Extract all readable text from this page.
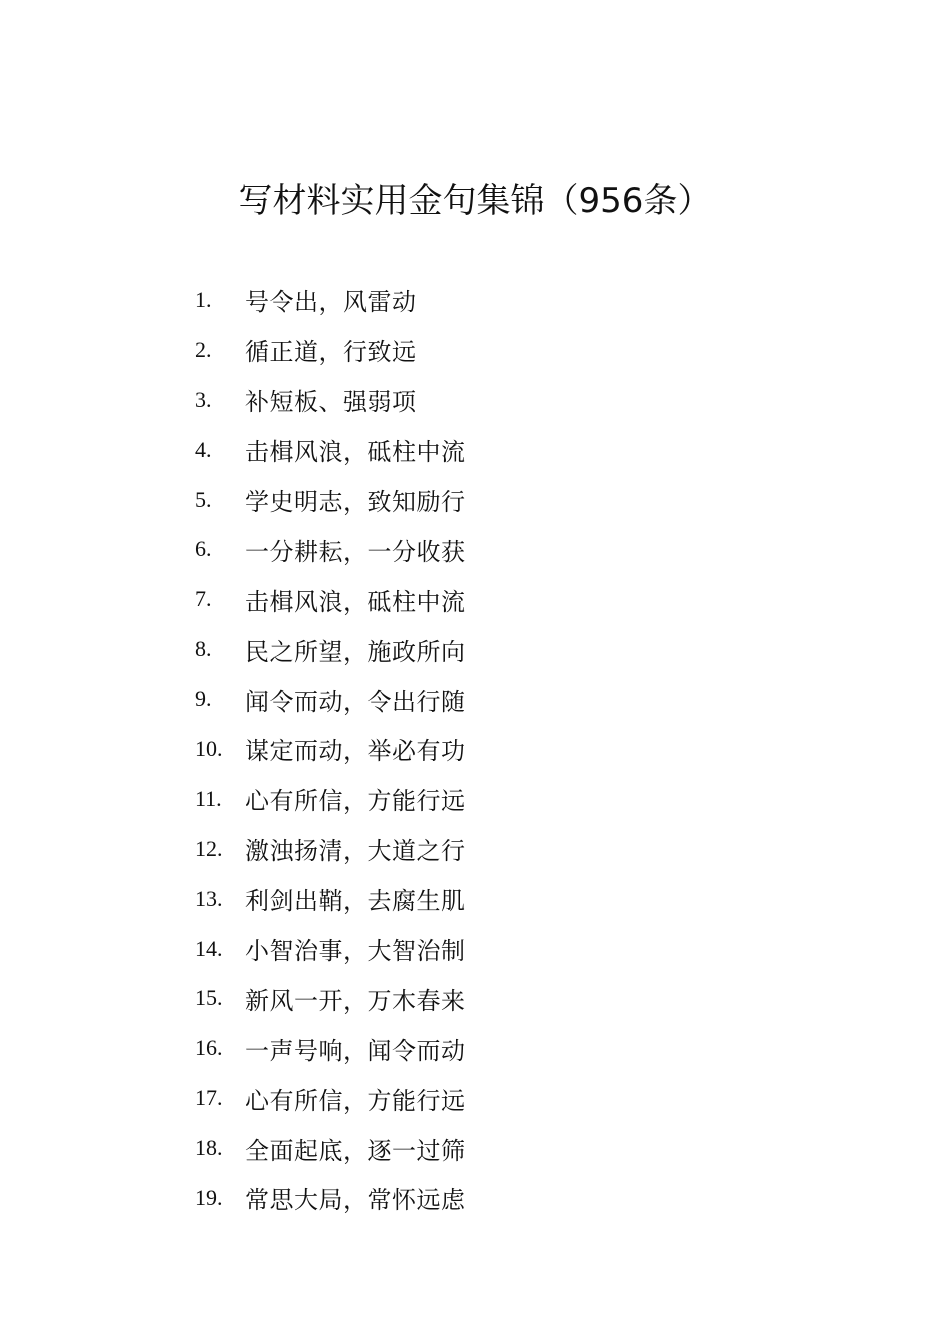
写材料实用金句集锦（956条）
1.	号令出，风雷动
2.	循正道，行致远
3.	补短板、强弱项
4.	击楫风浪，砥柱中流
5.	学史明志，致知励行
6.	一分耕耘，一分收获
7.	击楫风浪，砥柱中流
8.	民之所望，施政所向
9.	闻令而动，令出行随
10. 谋定而动，举必有功
11. 心有所信，方能行远
12. 激浊扬清，大道之行
13. 利剑出鞘，去腐生肌
14. 小智治事，大智治制
15. 新风一开，万木春来
16. 一声号响，闻令而动
17. 心有所信，方能行远
18. 全面起底，逐一过筛
19. 常思大局，常怀远虑
